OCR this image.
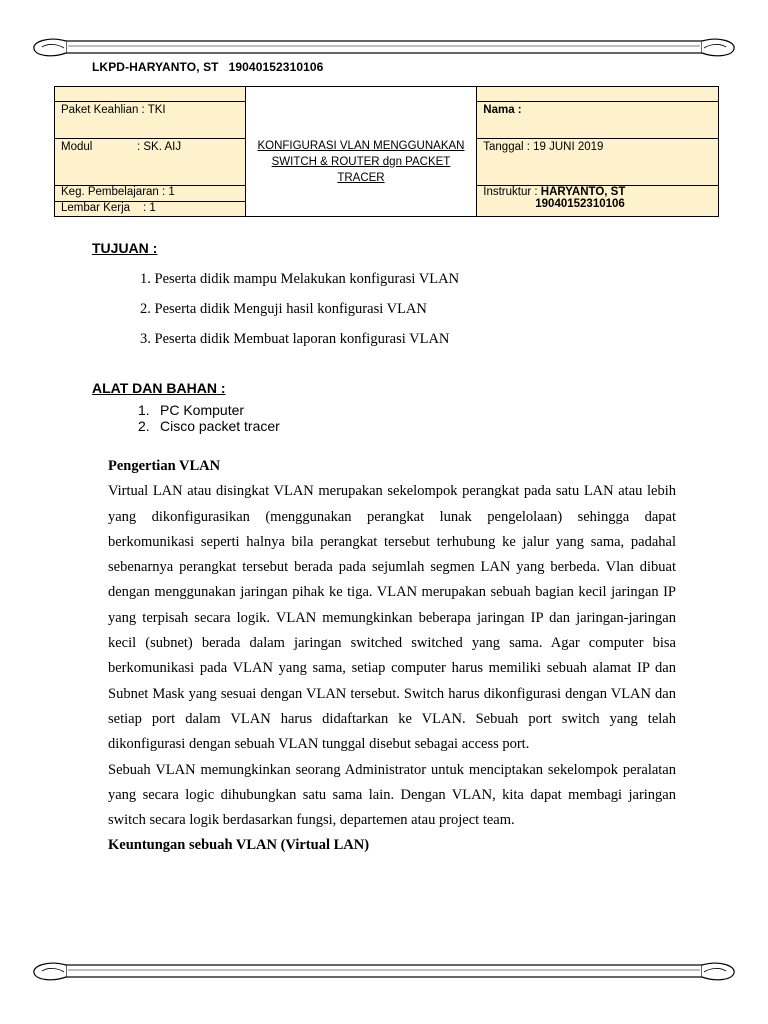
LKPD-HARYANTO, ST 19040152310106
	KONFIGURASI VLAN MENGGUNAKAN
SWITCH & ROUTER dgn PACKET
TRACER	
Paket Keahlian : TKI		Nama :
Modul : SK. AIJ		Tanggal : 19 JUNI 2019
Keg. Pembelajaran : 1		Instruktur : HARYANTO, ST
19040152310106
Lembar Kerja : 1		
TUJUAN :
1. Peserta didik mampu Melakukan konfigurasi VLAN
2. Peserta didik Menguji hasil konfigurasi VLAN
3. Peserta didik Membuat laporan konfigurasi VLAN
ALAT DAN BAHAN :
1. PC Komputer
2. Cisco packet tracer

Pengertian VLAN

Virtual LAN atau disingkat VLAN merupakan sekelompok perangkat pada satu LAN atau lebih yang dikonfigurasikan (menggunakan perangkat lunak pengelolaan) sehingga dapat berkomunikasi seperti halnya bila perangkat tersebut terhubung ke jalur yang sama, padahal sebenarnya perangkat tersebut berada pada sejumlah segmen LAN yang berbeda. Vlan dibuat dengan menggunakan jaringan pihak ke tiga. VLAN merupakan sebuah bagian kecil jaringan IP yang terpisah secara logik. VLAN memungkinkan beberapa jaringan IP dan jaringan-jaringan kecil (subnet) berada dalam jaringan switched switched yang sama. Agar computer bisa berkomunikasi pada VLAN yang sama, setiap computer harus memiliki sebuah alamat IP dan Subnet Mask yang sesuai dengan VLAN tersebut. Switch harus dikonfigurasi dengan VLAN dan setiap port dalam VLAN harus didaftarkan ke VLAN. Sebuah port switch yang telah dikonfigurasi dengan sebuah VLAN tunggal disebut sebagai access port.

Sebuah VLAN memungkinkan seorang Administrator untuk menciptakan sekelompok peralatan yang secara logic dihubungkan satu sama lain. Dengan VLAN, kita dapat membagi jaringan switch secara logik berdasarkan fungsi, departemen atau project team.

Keuntungan sebuah VLAN (Virtual LAN)
